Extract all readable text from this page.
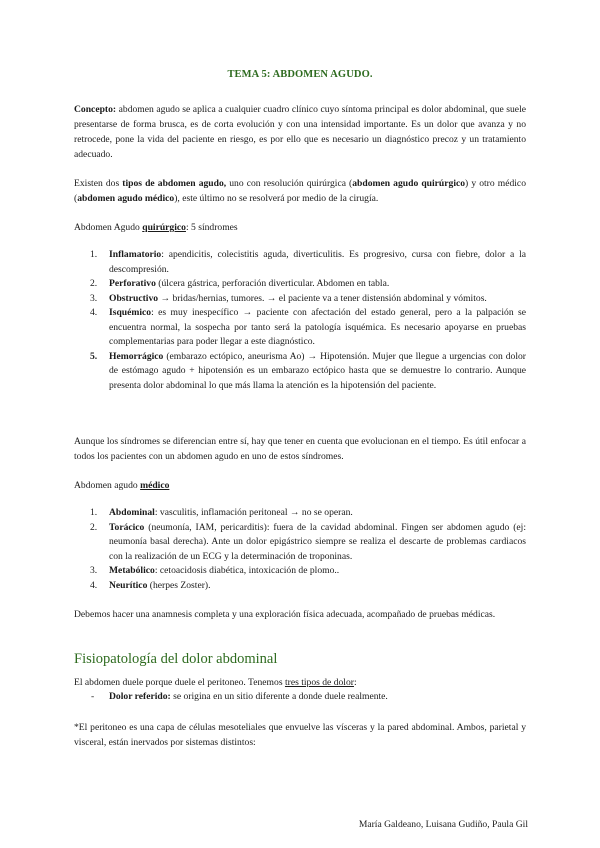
TEMA 5: ABDOMEN AGUDO.

Concepto: abdomen agudo se aplica a cualquier cuadro clínico cuyo síntoma principal es dolor abdominal, que suele presentarse de forma brusca, es de corta evolución y con una intensidad importante. Es un dolor que avanza y no retrocede, pone la vida del paciente en riesgo, es por ello que es necesario un diagnóstico precoz y un tratamiento adecuado.

Existen dos tipos de abdomen agudo, uno con resolución quirúrgica (abdomen agudo quirúrgico) y otro médico (abdomen agudo médico), este último no se resolverá por medio de la cirugía.

Abdomen Agudo quirúrgico: 5 síndromes

1. Inflamatorio: apendicitis, colecistitis aguda, diverticulitis. Es progresivo, cursa con fiebre, dolor a la descompresión.
2. Perforativo (úlcera gástrica, perforación diverticular. Abdomen en tabla.
3. Obstructivo → bridas/hernias, tumores. → el paciente va a tener distensión abdominal y vómitos.
4. Isquémico: es muy inespecífico → paciente con afectación del estado general, pero a la palpación se encuentra normal, la sospecha por tanto será la patología isquémica. Es necesario apoyarse en pruebas complementarias para poder llegar a este diagnóstico.
5. Hemorrágico (embarazo ectópico, aneurisma Ao) → Hipotensión. Mujer que llegue a urgencias con dolor de estómago agudo + hipotensión es un embarazo ectópico hasta que se demuestre lo contrario. Aunque presenta dolor abdominal lo que más llama la atención es la hipotensión del paciente.

Aunque los síndromes se diferencian entre sí, hay que tener en cuenta que evolucionan en el tiempo. Es útil enfocar a todos los pacientes con un abdomen agudo en uno de estos síndromes.

Abdomen agudo médico

1. Abdominal: vasculitis, inflamación peritoneal → no se operan.
2. Torácico (neumonía, IAM, pericarditis): fuera de la cavidad abdominal. Fingen ser abdomen agudo (ej: neumonía basal derecha). Ante un dolor epigástrico siempre se realiza el descarte de problemas cardiacos con la realización de un ECG y la determinación de troponinas.
3. Metabólico: cetoacidosis diabética, intoxicación de plomo..
4. Neurítico (herpes Zoster).

Debemos hacer una anamnesis completa y una exploración física adecuada, acompañado de pruebas médicas.

Fisiopatología del dolor abdominal

El abdomen duele porque duele el peritoneo. Tenemos tres tipos de dolor:

- Dolor referido: se origina en un sitio diferente a donde duele realmente.

*El peritoneo es una capa de células mesoteliales que envuelve las vísceras y la pared abdominal. Ambos, parietal y visceral, están inervados por sistemas distintos:

María Galdeano, Luisana Gudiño, Paula Gil
